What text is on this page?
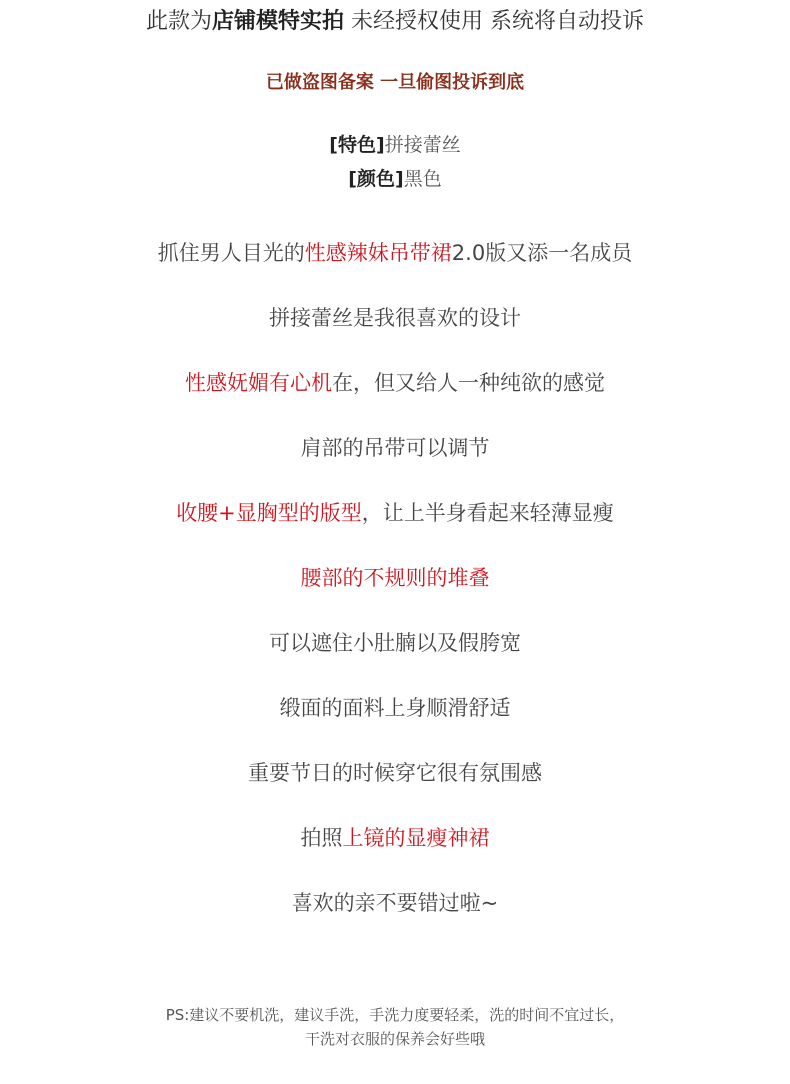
此款为店铺模特实拍 未经授权使用 系统将自动投诉
已做盗图备案 一旦偷图投诉到底
[特色]拼接蕾丝
[颜色]黑色
抓住男人目光的性感辣妹吊带裙2.0版又添一名成员
拼接蕾丝是我很喜欢的设计
性感妩媚有心机在，但又给人一种纯欲的感觉
肩部的吊带可以调节
收腰+显胸型的版型，让上半身看起来轻薄显瘦
腰部的不规则的堆叠
可以遮住小肚腩以及假胯宽
缎面的面料上身顺滑舒适
重要节日的时候穿它很有氛围感
拍照上镜的显瘦神裙
喜欢的亲不要错过啦~
PS:建议不要机洗，建议手洗，手洗力度要轻柔，洗的时间不宜过长，
干洗对衣服的保养会好些哦
